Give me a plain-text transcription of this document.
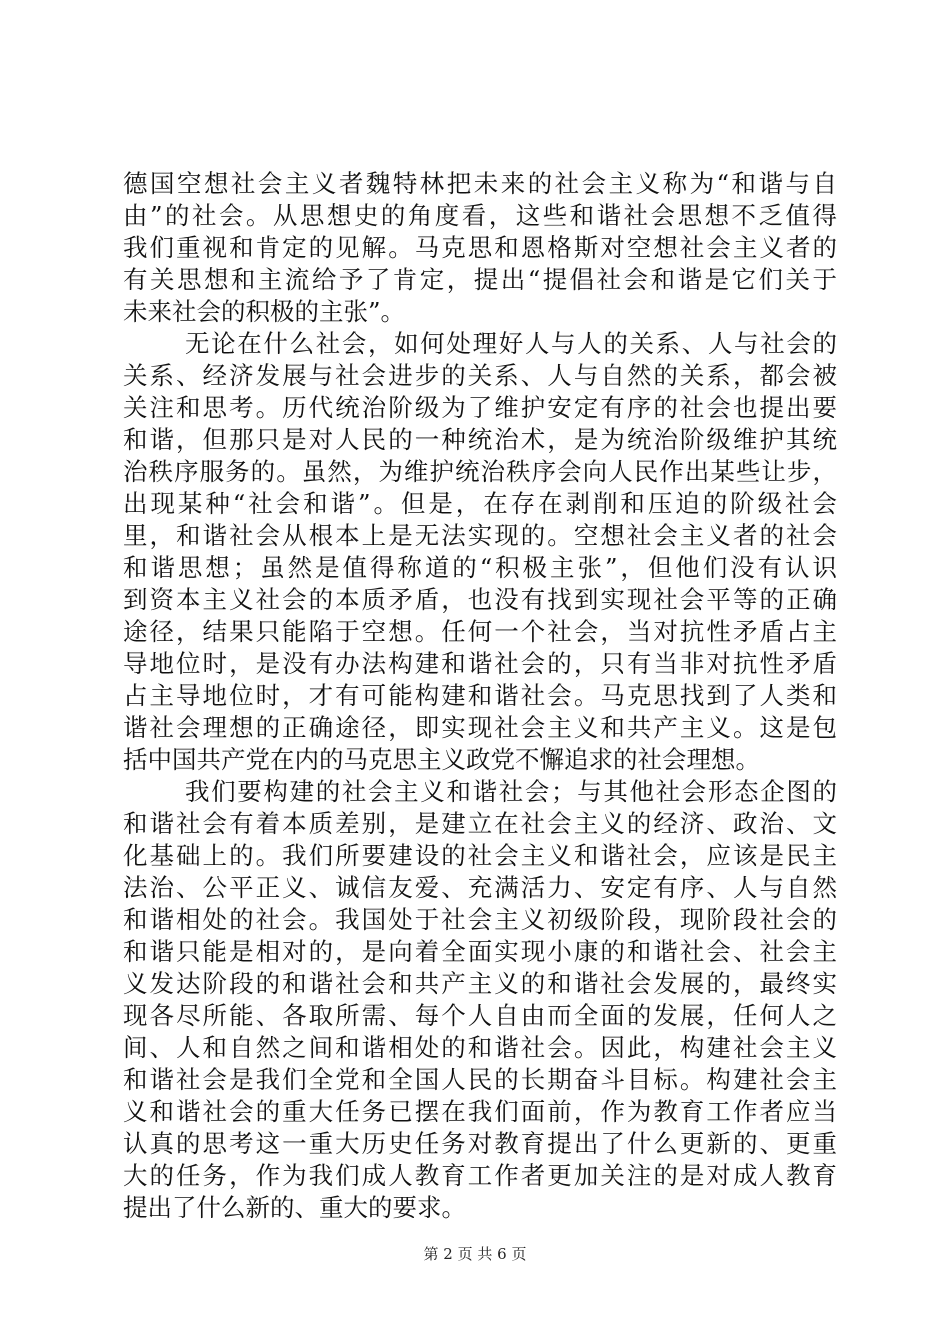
德国空想社会主义者魏特林把未来的社会主义称为“和谐与自
由”的社会。从思想史的角度看，这些和谐社会思想不乏值得
我们重视和肯定的见解。马克思和恩格斯对空想社会主义者的
有关思想和主流给予了肯定，提出“提倡社会和谐是它们关于
未来社会的积极的主张”。
无论在什么社会，如何处理好人与人的关系、人与社会的
关系、经济发展与社会进步的关系、人与自然的关系，都会被
关注和思考。历代统治阶级为了维护安定有序的社会也提出要
和谐，但那只是对人民的一种统治术，是为统治阶级维护其统
治秩序服务的。虽然，为维护统治秩序会向人民作出某些让步，
出现某种“社会和谐”。但是，在存在剥削和压迫的阶级社会
里，和谐社会从根本上是无法实现的。空想社会主义者的社会
和谐思想；虽然是值得称道的“积极主张”，但他们没有认识
到资本主义社会的本质矛盾，也没有找到实现社会平等的正确
途径，结果只能陷于空想。任何一个社会，当对抗性矛盾占主
导地位时，是没有办法构建和谐社会的，只有当非对抗性矛盾
占主导地位时，才有可能构建和谐社会。马克思找到了人类和
谐社会理想的正确途径，即实现社会主义和共产主义。这是包
括中国共产党在内的马克思主义政党不懈追求的社会理想。
我们要构建的社会主义和谐社会；与其他社会形态企图的
和谐社会有着本质差别，是建立在社会主义的经济、政治、文
化基础上的。我们所要建设的社会主义和谐社会，应该是民主
法治、公平正义、诚信友爱、充满活力、安定有序、人与自然
和谐相处的社会。我国处于社会主义初级阶段，现阶段社会的
和谐只能是相对的，是向着全面实现小康的和谐社会、社会主
义发达阶段的和谐社会和共产主义的和谐社会发展的，最终实
现各尽所能、各取所需、每个人自由而全面的发展，任何人之
间、人和自然之间和谐相处的和谐社会。因此，构建社会主义
和谐社会是我们全党和全国人民的长期奋斗目标。构建社会主
义和谐社会的重大任务已摆在我们面前，作为教育工作者应当
认真的思考这一重大历史任务对教育提出了什么更新的、更重
大的任务，作为我们成人教育工作者更加关注的是对成人教育
提出了什么新的、重大的要求。
第 2 页 共 6 页
